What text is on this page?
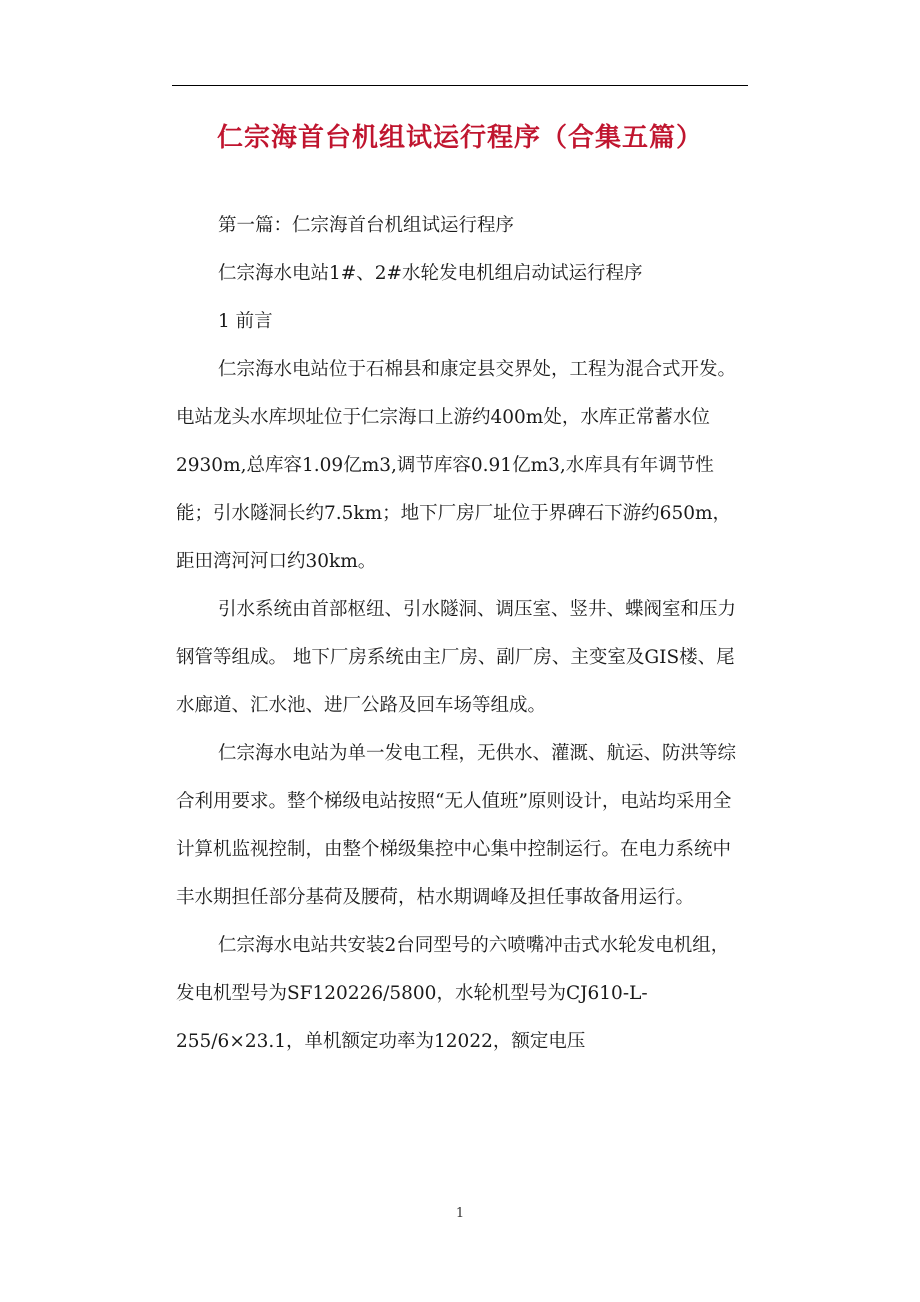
仁宗海首台机组试运行程序（合集五篇）

第一篇：仁宗海首台机组试运行程序

仁宗海水电站1#、2#水轮发电机组启动试运行程序

1 前言

仁宗海水电站位于石棉县和康定县交界处，工程为混合式开发。电站龙头水库坝址位于仁宗海口上游约400m处，水库正常蓄水位2930m,总库容1.09亿m3,调节库容0.91亿m3,水库具有年调节性能；引水隧洞长约7.5km；地下厂房厂址位于界碑石下游约650m，距田湾河河口约30km。

引水系统由首部枢纽、引水隧洞、调压室、竖井、蝶阀室和压力钢管等组成。 地下厂房系统由主厂房、副厂房、主变室及GIS楼、尾水廊道、汇水池、进厂公路及回车场等组成。

仁宗海水电站为单一发电工程，无供水、灌溉、航运、防洪等综合利用要求。整个梯级电站按照“无人值班”原则设计，电站均采用全计算机监视控制，由整个梯级集控中心集中控制运行。在电力系统中丰水期担任部分基荷及腰荷，枯水期调峰及担任事故备用运行。

仁宗海水电站共安装2台同型号的六喷嘴冲击式水轮发电机组，发电机型号为SF120226/5800，水轮机型号为CJ610-L-255/6×23.1，单机额定功率为12022，额定电压

1
